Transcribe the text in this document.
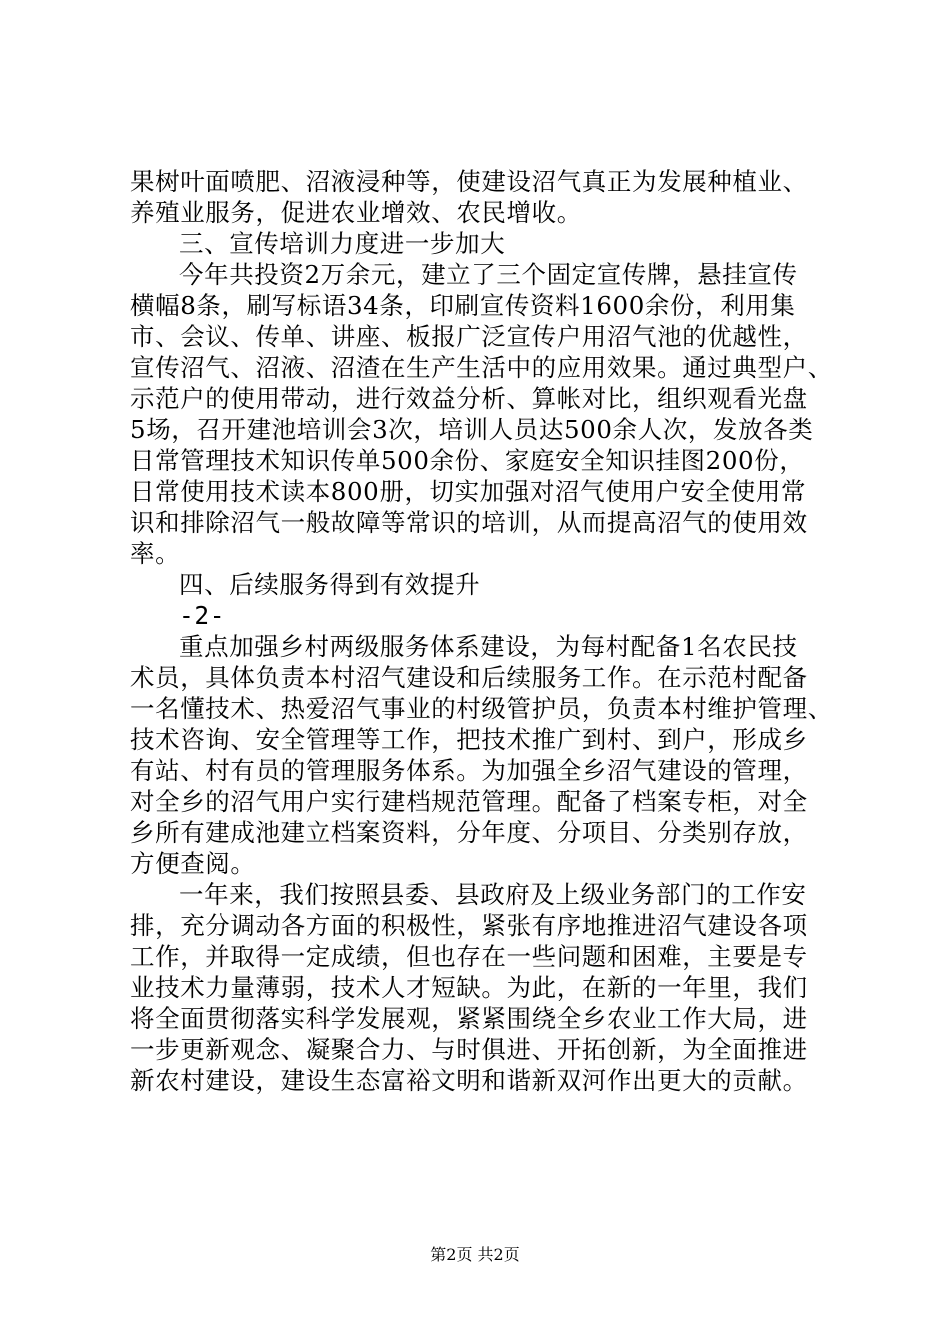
果树叶面喷肥、沼液浸种等，使建设沼气真正为发展种植业、
养殖业服务，促进农业增效、农民增收。
三、宣传培训力度进一步加大
今年共投资2万余元，建立了三个固定宣传牌，悬挂宣传
横幅8条，刷写标语34条，印刷宣传资料1600余份，利用集
市、会议、传单、讲座、板报广泛宣传户用沼气池的优越性，
宣传沼气、沼液、沼渣在生产生活中的应用效果。通过典型户、
示范户的使用带动，进行效益分析、算帐对比，组织观看光盘
5场，召开建池培训会3次，培训人员达500余人次，发放各类
日常管理技术知识传单500余份、家庭安全知识挂图200份，
日常使用技术读本800册，切实加强对沼气使用户安全使用常
识和排除沼气一般故障等常识的培训，从而提高沼气的使用效
率。
四、后续服务得到有效提升
-2-
重点加强乡村两级服务体系建设，为每村配备1名农民技
术员，具体负责本村沼气建设和后续服务工作。在示范村配备
一名懂技术、热爱沼气事业的村级管护员，负责本村维护管理、
技术咨询、安全管理等工作，把技术推广到村、到户，形成乡
有站、村有员的管理服务体系。为加强全乡沼气建设的管理，
对全乡的沼气用户实行建档规范管理。配备了档案专柜，对全
乡所有建成池建立档案资料，分年度、分项目、分类别存放，
方便查阅。
一年来，我们按照县委、县政府及上级业务部门的工作安
排，充分调动各方面的积极性，紧张有序地推进沼气建设各项
工作，并取得一定成绩，但也存在一些问题和困难，主要是专
业技术力量薄弱，技术人才短缺。为此，在新的一年里，我们
将全面贯彻落实科学发展观，紧紧围绕全乡农业工作大局，进
一步更新观念、凝聚合力、与时俱进、开拓创新，为全面推进
新农村建设，建设生态富裕文明和谐新双河作出更大的贡献。
第2页 共2页
